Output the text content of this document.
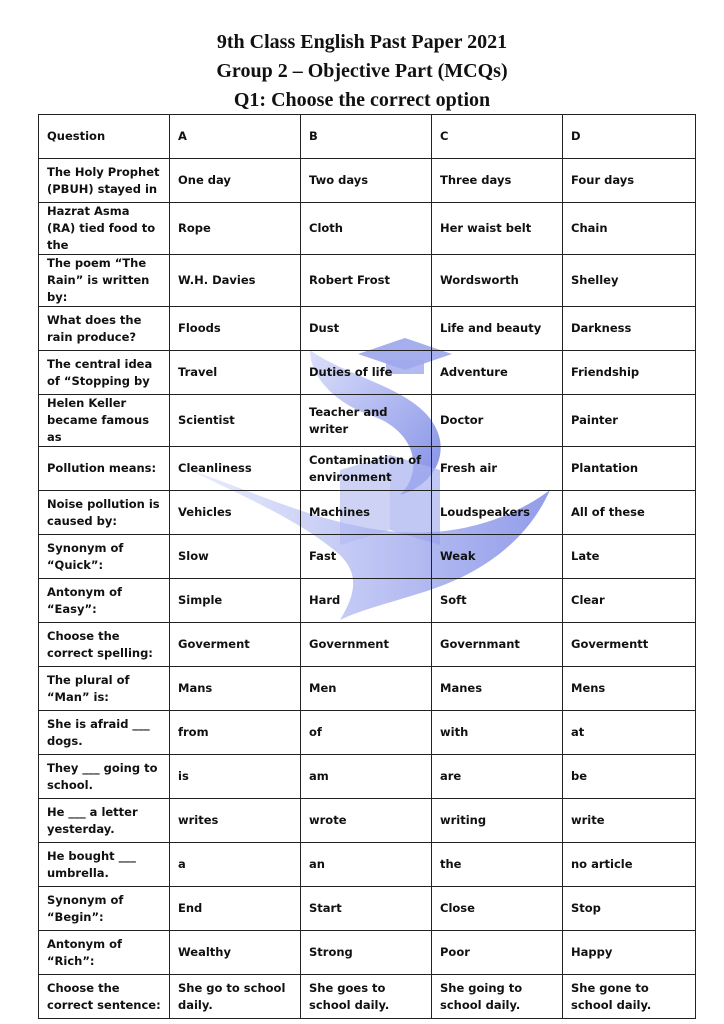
9th Class English Past Paper 2021
Group 2 – Objective Part (MCQs)
Q1: Choose the correct option
Question	A	B	C	D
The Holy Prophet (PBUH) stayed in	One day	Two days	Three days	Four days
Hazrat Asma (RA) tied food to the	Rope	Cloth	Her waist belt	Chain
The poem “The Rain” is written by:	W.H. Davies	Robert Frost	Wordsworth	Shelley
What does the rain produce?	Floods	Dust	Life and beauty	Darkness
The central idea of “Stopping by	Travel	Duties of life	Adventure	Friendship
Helen Keller became famous as	Scientist	Teacher and writer	Doctor	Painter
Pollution means:	Cleanliness	Contamination of environment	Fresh air	Plantation
Noise pollution is caused by:	Vehicles	Machines	Loudspeakers	All of these
Synonym of “Quick”:	Slow	Fast	Weak	Late
Antonym of “Easy”:	Simple	Hard	Soft	Clear
Choose the correct spelling:	Goverment	Government	Governmant	Govermentt
The plural of “Man” is:	Mans	Men	Manes	Mens
She is afraid ___ dogs.	from	of	with	at
They ___ going to school.	is	am	are	be
He ___ a letter yesterday.	writes	wrote	writing	write
He bought ___ umbrella.	a	an	the	no article
Synonym of “Begin”:	End	Start	Close	Stop
Antonym of “Rich”:	Wealthy	Strong	Poor	Happy
Choose the correct sentence:	She go to school daily.	She goes to school daily.	She going to school daily.	She gone to school daily.
